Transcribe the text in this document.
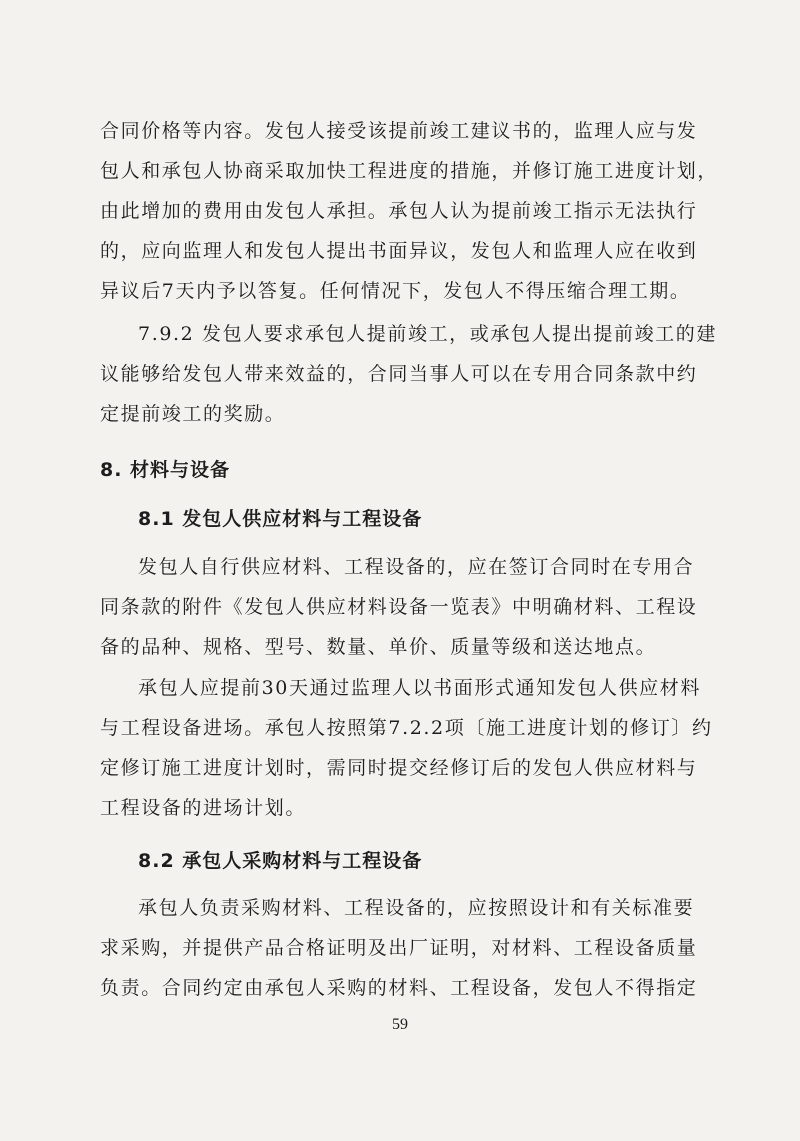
合同价格等内容。发包人接受该提前竣工建议书的，监理人应与发
包人和承包人协商采取加快工程进度的措施，并修订施工进度计划，
由此增加的费用由发包人承担。承包人认为提前竣工指示无法执行
的，应向监理人和发包人提出书面异议，发包人和监理人应在收到
异议后7天内予以答复。任何情况下，发包人不得压缩合理工期。
7.9.2 发包人要求承包人提前竣工，或承包人提出提前竣工的建
议能够给发包人带来效益的，合同当事人可以在专用合同条款中约
定提前竣工的奖励。
8. 材料与设备
8.1 发包人供应材料与工程设备
发包人自行供应材料、工程设备的，应在签订合同时在专用合
同条款的附件《发包人供应材料设备一览表》中明确材料、工程设
备的品种、规格、型号、数量、单价、质量等级和送达地点。
承包人应提前30天通过监理人以书面形式通知发包人供应材料
与工程设备进场。承包人按照第7.2.2项〔施工进度计划的修订〕约
定修订施工进度计划时，需同时提交经修订后的发包人供应材料与
工程设备的进场计划。
8.2 承包人采购材料与工程设备
承包人负责采购材料、工程设备的，应按照设计和有关标准要
求采购，并提供产品合格证明及出厂证明，对材料、工程设备质量
负责。合同约定由承包人采购的材料、工程设备，发包人不得指定
59
